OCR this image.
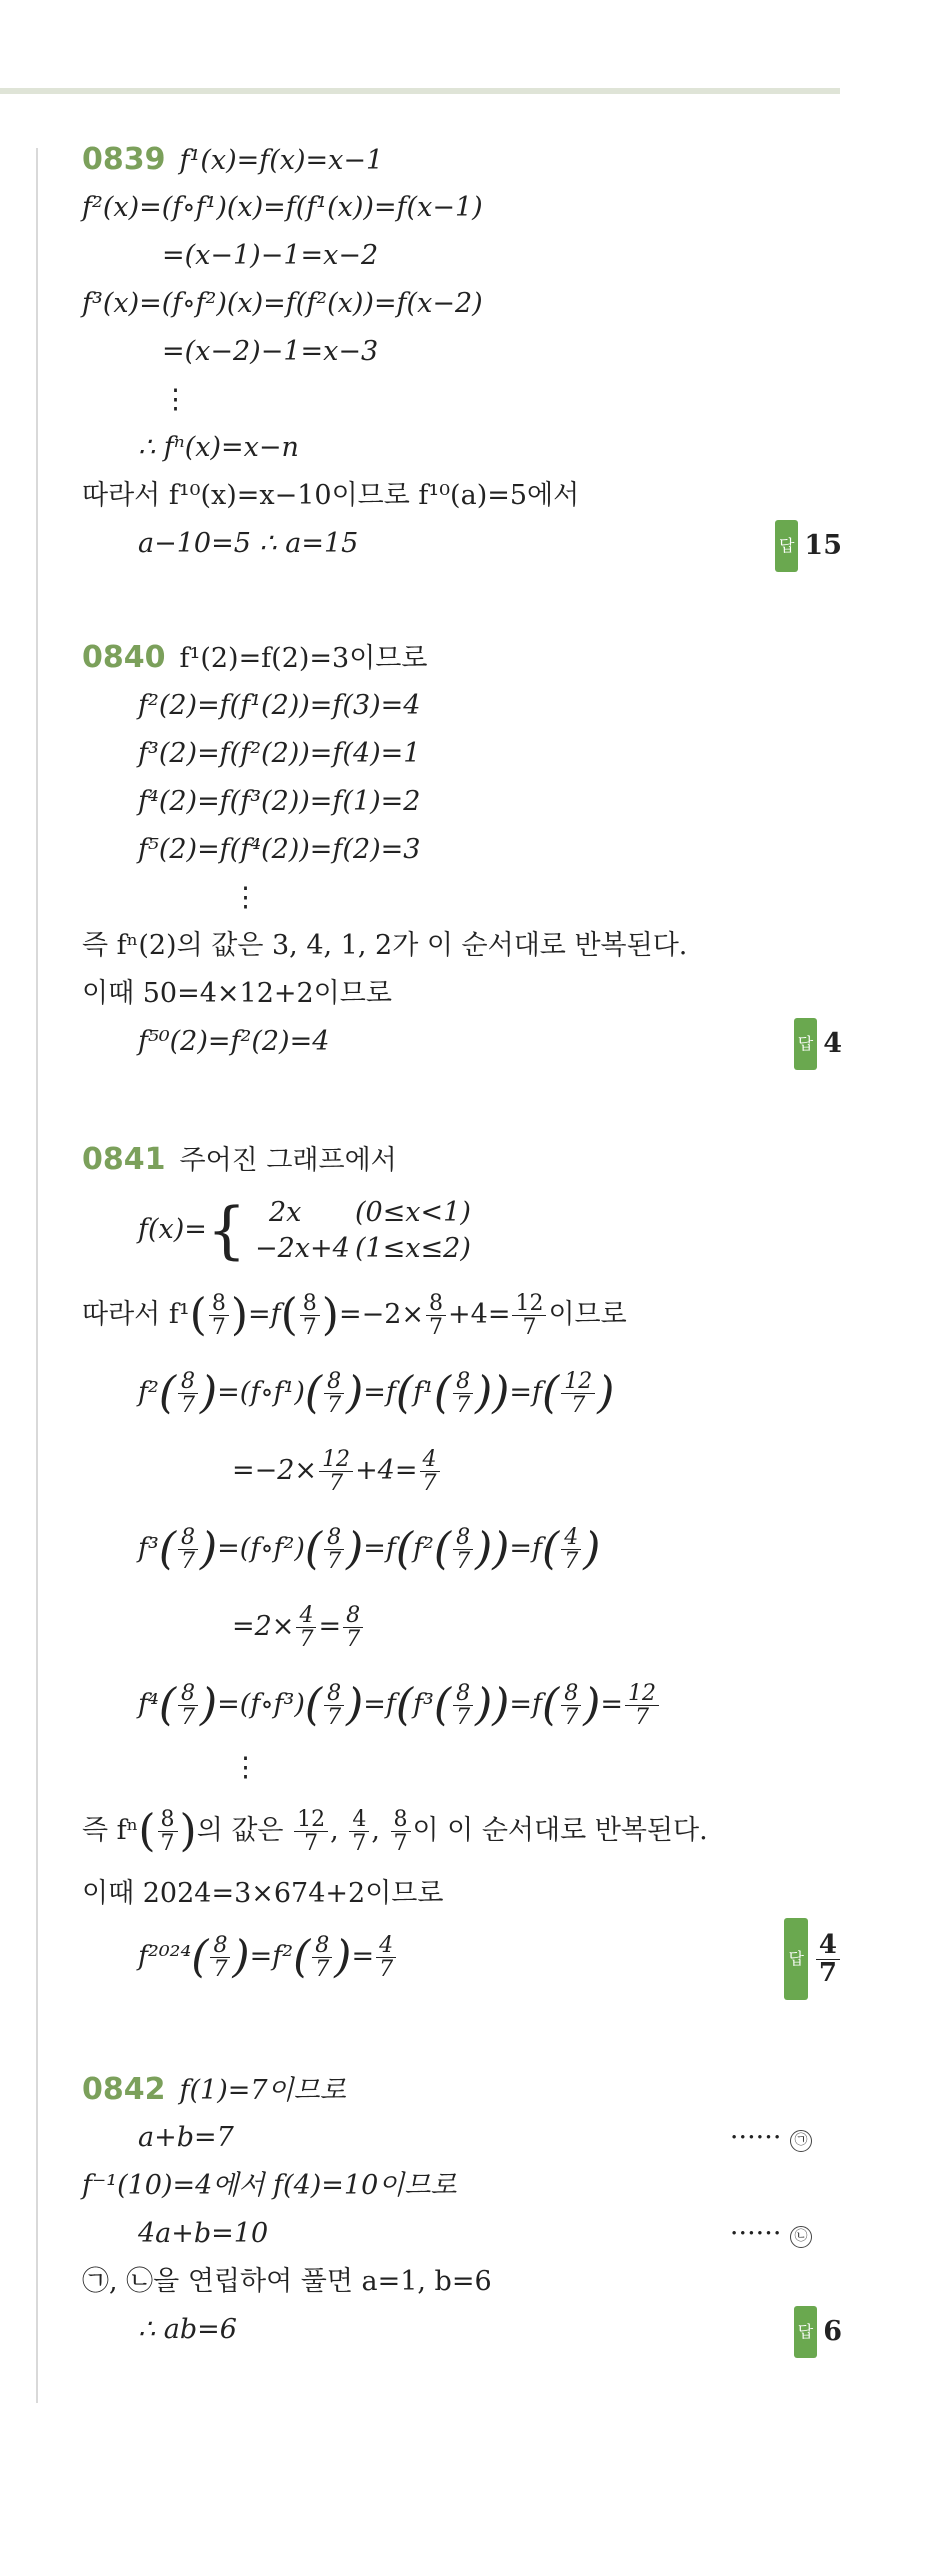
0839 f¹(x)=f(x)=x−1
f²(x)=(f∘f¹)(x)=f(f¹(x))=f(x−1)
=(x−1)−1=x−2
f³(x)=(f∘f²)(x)=f(f²(x))=f(x−2)
=(x−2)−1=x−3
⋮
∴ fⁿ(x)=x−n
따라서 f¹⁰(x)=x−10이므로 f¹⁰(a)=5에서
a−10=5 ∴ a=15	답 15
0840 f¹(2)=f(2)=3이므로
f²(2)=f(f¹(2))=f(3)=4
f³(2)=f(f²(2))=f(4)=1
f⁴(2)=f(f³(2))=f(1)=2
f⁵(2)=f(f⁴(2))=f(2)=3
⋮
즉 fⁿ(2)의 값은 3, 4, 1, 2가 이 순서대로 반복된다.
이때 50=4×12+2이므로
f⁵⁰(2)=f²(2)=4	답 4
0841 주어진 그래프에서
f(x)={ 2x (0≤x<1)
−2x+4 (1≤x≤2)
따라서 $f^1( \frac{8}{7} )=f( \frac{8}{7} )=-2\times \frac{8}{7} +4= \frac{12}{7}$ 이므로
$f^2( \frac{8}{7}$ )=(f∘f¹)( $\frac{8}{7} )=f(f^1( \frac{8}{7} ))=f( \frac{12}{7}$ )
$=-2\times \frac{12}{7} +4= \frac{4}{7}$
$f^3( \frac{8}{7}$ )=(f∘f²)( $\frac{8}{7} )=f(f^2( \frac{8}{7} ))=f( \frac{4}{7}$ )
$=2\times \frac{4}{7} = \frac{8}{7}$
$f^4( \frac{8}{7}$ )=(f∘f³)( $\frac{8}{7} )=f(f^3( \frac{8}{7} ))=f( \frac{8}{7}$ )= $\frac{12}{7}$
⋮
즉 $f^n( \frac{8}{7}$ )의 값은 $\frac{12}{7}$ , $\frac{4}{7}$ , $\frac{8}{7}$ 이 이 순서대로 반복된다.
이때 2024=3×674+2이므로
$f^{2024}( \frac{8}{7} )=f^2( \frac{8}{7}$ )= $\frac{4}{7}$	답 $\frac{4}{7}$
0842 f(1)=7이므로
a+b=7	······ ㉠
f⁻¹(10)=4에서 f(4)=10이므로
4a+b=10	······ ㉡
㉠, ㉡을 연립하여 풀면 a=1, b=6
∴ ab=6	답 6
